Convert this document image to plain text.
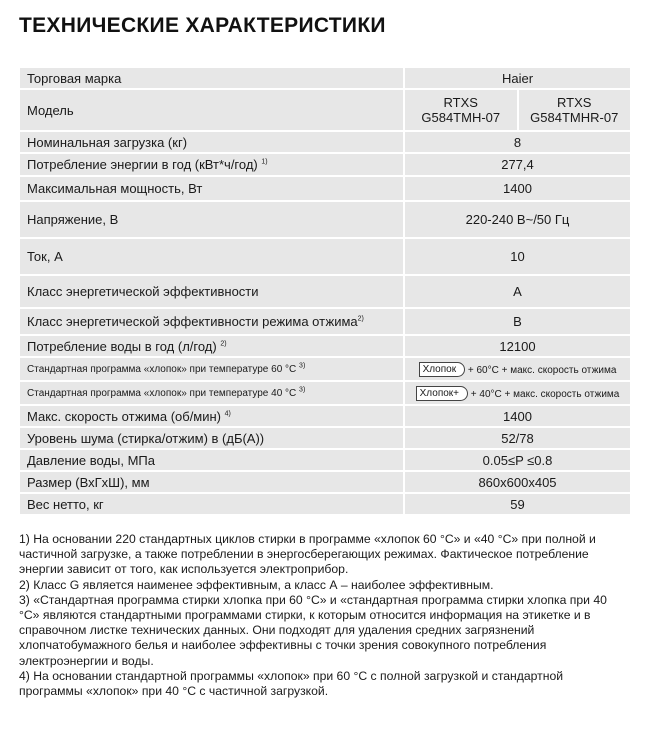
ТЕХНИЧЕСКИЕ ХАРАКТЕРИСТИКИ
Торговая марка	Haier	
Модель	RTXS G584TMH-07	RTXS G584TMHR-07
Номинальная загрузка (кг)	8	
Потребление энергии в год (кВт*ч/год) $^{1)}$	277,4	
Максимальная мощность, Вт	1400	
Напряжение, В	220-240 В~/50 Гц	
Ток, А	10	
Класс энергетической эффективности	A	
Класс энергетической эффективности режима отжима$^{2)}$	B	
Потребление воды в год (л/год) $^{2)}$	12100	
Стандартная программа «хлопок» при температуре 60 °С $^{3)}$	Хлопок + 60°С + макс. скорость отжима	
Стандартная программа «хлопок» при температуре 40 °С $^{3)}$	Хлопок+ + 40°С + макс. скорость отжима	
Макс. скорость отжима (об/мин) $^{4)}$	1400	
Уровень шума (стирка/отжим) в (дБ(А))	52/78	
Давление воды, МПа	0.05≤P ≤0.8	
Размер (ВхГхШ), мм	860х600х405	
Вес нетто, кг	59	

1) На основании 220 стандартных циклов стирки в программе «хлопок 60 °С» и «40 °С» при полной и частичной загрузке, а также потреблении в энергосберегающих режимах. Фактическое потребление энергии зависит от того, как используется электроприбор.

2) Класс G является наименее эффективным, а класс А – наиболее эффективным.

3) «Стандартная программа стирки хлопка при 60 °С» и «стандартная программа стирки хлопка при 40 °С» являются стандартными программами стирки, к которым относится информация на этикетке и в справочном листке технических данных. Они подходят для удаления средних загрязнений хлопчатобумажного белья и наиболее эффективны с точки зрения совокупного потребления электроэнергии и воды.

4) На основании стандартной программы «хлопок» при 60 °С с полной загрузкой и стандартной программы «хлопок» при 40 °С с частичной загрузкой.
